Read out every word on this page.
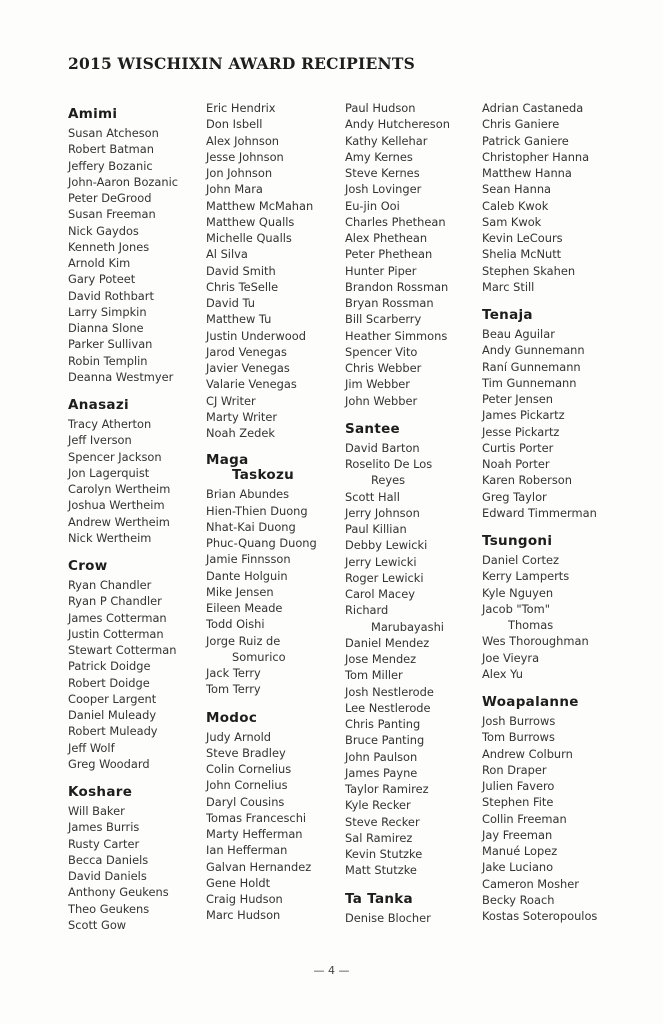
2015 WISCHIXIN AWARD RECIPIENTS
Amimi
Susan Atcheson
Robert Batman
Jeffery Bozanic
John-Aaron Bozanic
Peter DeGrood
Susan Freeman
Nick Gaydos
Kenneth Jones
Arnold Kim
Gary Poteet
David Rothbart
Larry Simpkin
Dianna Slone
Parker Sullivan
Robin Templin
Deanna Westmyer
Anasazi
Tracy Atherton
Jeff Iverson
Spencer Jackson
Jon Lagerquist
Carolyn Wertheim
Joshua Wertheim
Andrew Wertheim
Nick Wertheim
Crow
Ryan Chandler
Ryan P Chandler
James Cotterman
Justin Cotterman
Stewart Cotterman
Patrick Doidge
Robert Doidge
Cooper Largent
Daniel Muleady
Robert Muleady
Jeff Wolf
Greg Woodard
Koshare
Will Baker
James Burris
Rusty Carter
Becca Daniels
David Daniels
Anthony Geukens
Theo Geukens
Scott Gow
Eric Hendrix
Don Isbell
Alex Johnson
Jesse Johnson
Jon Johnson
John Mara
Matthew McMahan
Matthew Qualls
Michelle Qualls
Al Silva
David Smith
Chris TeSelle
David Tu
Matthew Tu
Justin Underwood
Jarod Venegas
Javier Venegas
Valarie Venegas
CJ Writer
Marty Writer
Noah Zedek
Maga
Taskozu
Brian Abundes
Hien-Thien Duong
Nhat-Kai Duong
Phuc-Quang Duong
Jamie Finnsson
Dante Holguin
Mike Jensen
Eileen Meade
Todd Oishi
Jorge Ruiz de
Somurico
Jack Terry
Tom Terry
Modoc
Judy Arnold
Steve Bradley
Colin Cornelius
John Cornelius
Daryl Cousins
Tomas Franceschi
Marty Hefferman
Ian Hefferman
Galvan Hernandez
Gene Holdt
Craig Hudson
Marc Hudson
Paul Hudson
Andy Hutchereson
Kathy Kellehar
Amy Kernes
Steve Kernes
Josh Lovinger
Eu-jin Ooi
Charles Phethean
Alex Phethean
Peter Phethean
Hunter Piper
Brandon Rossman
Bryan Rossman
Bill Scarberry
Heather Simmons
Spencer Vito
Chris Webber
Jim Webber
John Webber
Santee
David Barton
Roselito De Los
Reyes
Scott Hall
Jerry Johnson
Paul Killian
Debby Lewicki
Jerry Lewicki
Roger Lewicki
Carol Macey
Richard
Marubayashi
Daniel Mendez
Jose Mendez
Tom Miller
Josh Nestlerode
Lee Nestlerode
Chris Panting
Bruce Panting
John Paulson
James Payne
Taylor Ramirez
Kyle Recker
Steve Recker
Sal Ramirez
Kevin Stutzke
Matt Stutzke
Ta Tanka
Denise Blocher
Adrian Castaneda
Chris Ganiere
Patrick Ganiere
Christopher Hanna
Matthew Hanna
Sean Hanna
Caleb Kwok
Sam Kwok
Kevin LeCours
Shelia McNutt
Stephen Skahen
Marc Still
Tenaja
Beau Aguilar
Andy Gunnemann
Raní Gunnemann
Tim Gunnemann
Peter Jensen
James Pickartz
Jesse Pickartz
Curtis Porter
Noah Porter
Karen Roberson
Greg Taylor
Edward Timmerman
Tsungoni
Daniel Cortez
Kerry Lamperts
Kyle Nguyen
Jacob "Tom"
Thomas
Wes Thoroughman
Joe Vieyra
Alex Yu
Woapalanne
Josh Burrows
Tom Burrows
Andrew Colburn
Ron Draper
Julien Favero
Stephen Fite
Collin Freeman
Jay Freeman
Manué Lopez
Jake Luciano
Cameron Mosher
Becky Roach
Kostas Soteropoulos
— 4 —
